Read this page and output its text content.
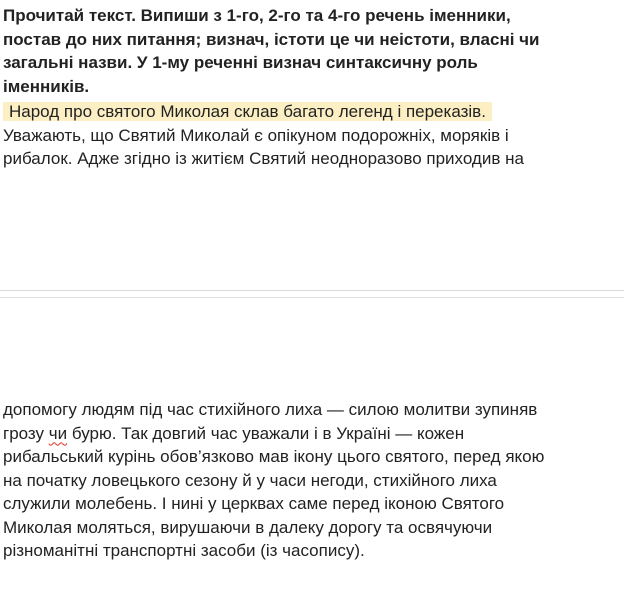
Прочитай текст. Випиши з 1-го, 2-го та 4-го речень іменники,
постав до них питання; визнач, істоти це чи неістоти, власні чи
загальні назви. У 1-му реченні визнач синтаксичну роль
іменників.
Народ про святого Миколая склав багато легенд і переказів.
Уважають, що Святий Миколай є опікуном подорожніх, моряків і
рибалок. Адже згідно із житієм Святий неодноразово приходив на
допомогу людям під час стихійного лиха — силою молитви зупиняв
грозу чи бурю. Так довгий час уважали і в Україні — кожен
рибальський курінь обов’язково мав ікону цього святого, перед якою
на початку ловецького сезону й у часи негоди, стихійного лиха
служили молебень. І нині у церквах саме перед іконою Святого
Миколая моляться, вирушаючи в далеку дорогу та освячуючи
різноманітні транспортні засоби (із часопису).
